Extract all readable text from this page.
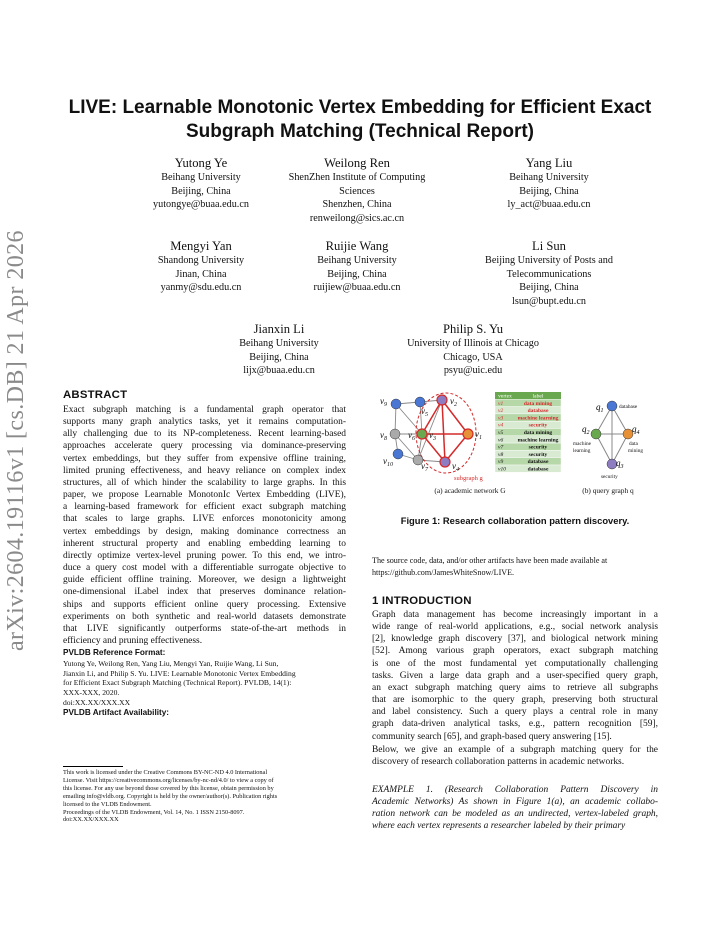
arXiv:2604.19116v1 [cs.DB] 21 Apr 2026
LIVE: Learnable Monotonic Vertex Embedding for Efficient Exact
Subgraph Matching (Technical Report)
Yutong Ye
Beihang University
Beijing, China
yutongye@buaa.edu.cn
Weilong Ren
ShenZhen Institute of Computing
Sciences
Shenzhen, China
renweilong@sics.ac.cn
Yang Liu
Beihang University
Beijing, China
ly_act@buaa.edu.cn
Mengyi Yan
Shandong University
Jinan, China
yanmy@sdu.edu.cn
Ruijie Wang
Beihang University
Beijing, China
ruijiew@buaa.edu.cn
Li Sun
Beijing University of Posts and
Telecommunications
Beijing, China
lsun@bupt.edu.cn
Jianxin Li
Beihang University
Beijing, China
lijx@buaa.edu.cn
Philip S. Yu
University of Illinois at Chicago
Chicago, USA
psyu@uic.edu
ABSTRACT
Exact subgraph matching is a fundamental graph operator that
supports many graph analytics tasks, yet it remains computation-
ally challenging due to its NP-completeness. Recent learning-based
approaches accelerate query processing via dominance-preserving
vertex embeddings, but they suffer from expensive offline training,
limited pruning effectiveness, and heavy reliance on complex index
structures, all of which hinder the scalability to large graphs. In this
paper, we propose Learnable MonotonIc Vertex Embedding (LIVE),
a learning-based framework for efficient exact subgraph matching
that scales to large graphs. LIVE enforces monotonicity among
vertex embeddings by design, making dominance correctness an
inherent structural property and enabling embedding learning to
directly optimize vertex-level pruning power. To this end, we intro-
duce a query cost model with a differentiable surrogate objective to
guide efficient offline training. Moreover, we design a lightweight
one-dimensional iLabel index that preserves dominance relation-
ships and supports efficient online query processing. Extensive
experiments on both synthetic and real-world datasets demonstrate
that LIVE significantly outperforms state-of-the-art methods in
efficiency and pruning effectiveness.
PVLDB Reference Format:
Yutong Ye, Weilong Ren, Yang Liu, Mengyi Yan, Ruijie Wang, Li Sun,
Jianxin Li, and Philip S. Yu. LIVE: Learnable Monotonic Vertex Embedding
for Efficient Exact Subgraph Matching (Technical Report). PVLDB, 14(1):
XXX-XXX, 2020.
doi:XX.XX/XXX.XX
PVLDB Artifact Availability:
This work is licensed under the Creative Commons BY-NC-ND 4.0 International
License. Visit https://creativecommons.org/licenses/by-nc-nd/4.0/ to view a copy of
this license. For any use beyond those covered by this license, obtain permission by
emailing info@vldb.org. Copyright is held by the owner/author(s). Publication rights
licensed to the VLDB Endowment.
Proceedings of the VLDB Endowment, Vol. 14, No. 1 ISSN 2150-8097.
doi:XX.XX/XXX.XX
$v_9$
$v_5$
$v_2$
$v_8$ $v_6$ $v_3$	$v_1$
$v_{10}$	$v_7$	$v_4$
subgraph g
vertex	label
v1	data mining
v2	database
v3	machine learning
v4	security
v5	data mining
v6	machine learning
v7	security
v8	security
v9	database
v10	database
$q_1$
$q_2$	$q_4$
$q_3$
database
machine
learning
data
mining
security
(a) academic network G	(b) query graph q
Figure 1: Research collaboration pattern discovery.
The source code, data, and/or other artifacts have been made available at
https://github.com/JamesWhiteSnow/LIVE.
1 INTRODUCTION
Graph data management has become increasingly important in a
wide range of real-world applications, e.g., social network analysis
[2], knowledge graph discovery [37], and biological network mining
[52]. Among various graph operators, exact subgraph matching
is one of the most fundamental yet computationally challenging
tasks. Given a large data graph and a user-specified query graph,
an exact subgraph matching query aims to retrieve all subgraphs
that are isomorphic to the query graph, preserving both structural
and label consistency. Such a query plays a central role in many
graph data-driven analytical tasks, e.g., pattern recognition [59],
community search [65], and graph-based query answering [15].
Below, we give an example of a subgraph matching query for the
discovery of research collaboration patterns in academic networks.
EXAMPLE 1. (Research Collaboration Pattern Discovery in
Academic Networks) As shown in Figure 1(a), an academic collabo-
ration network can be modeled as an undirected, vertex-labeled graph,
where each vertex represents a researcher labeled by their primary
